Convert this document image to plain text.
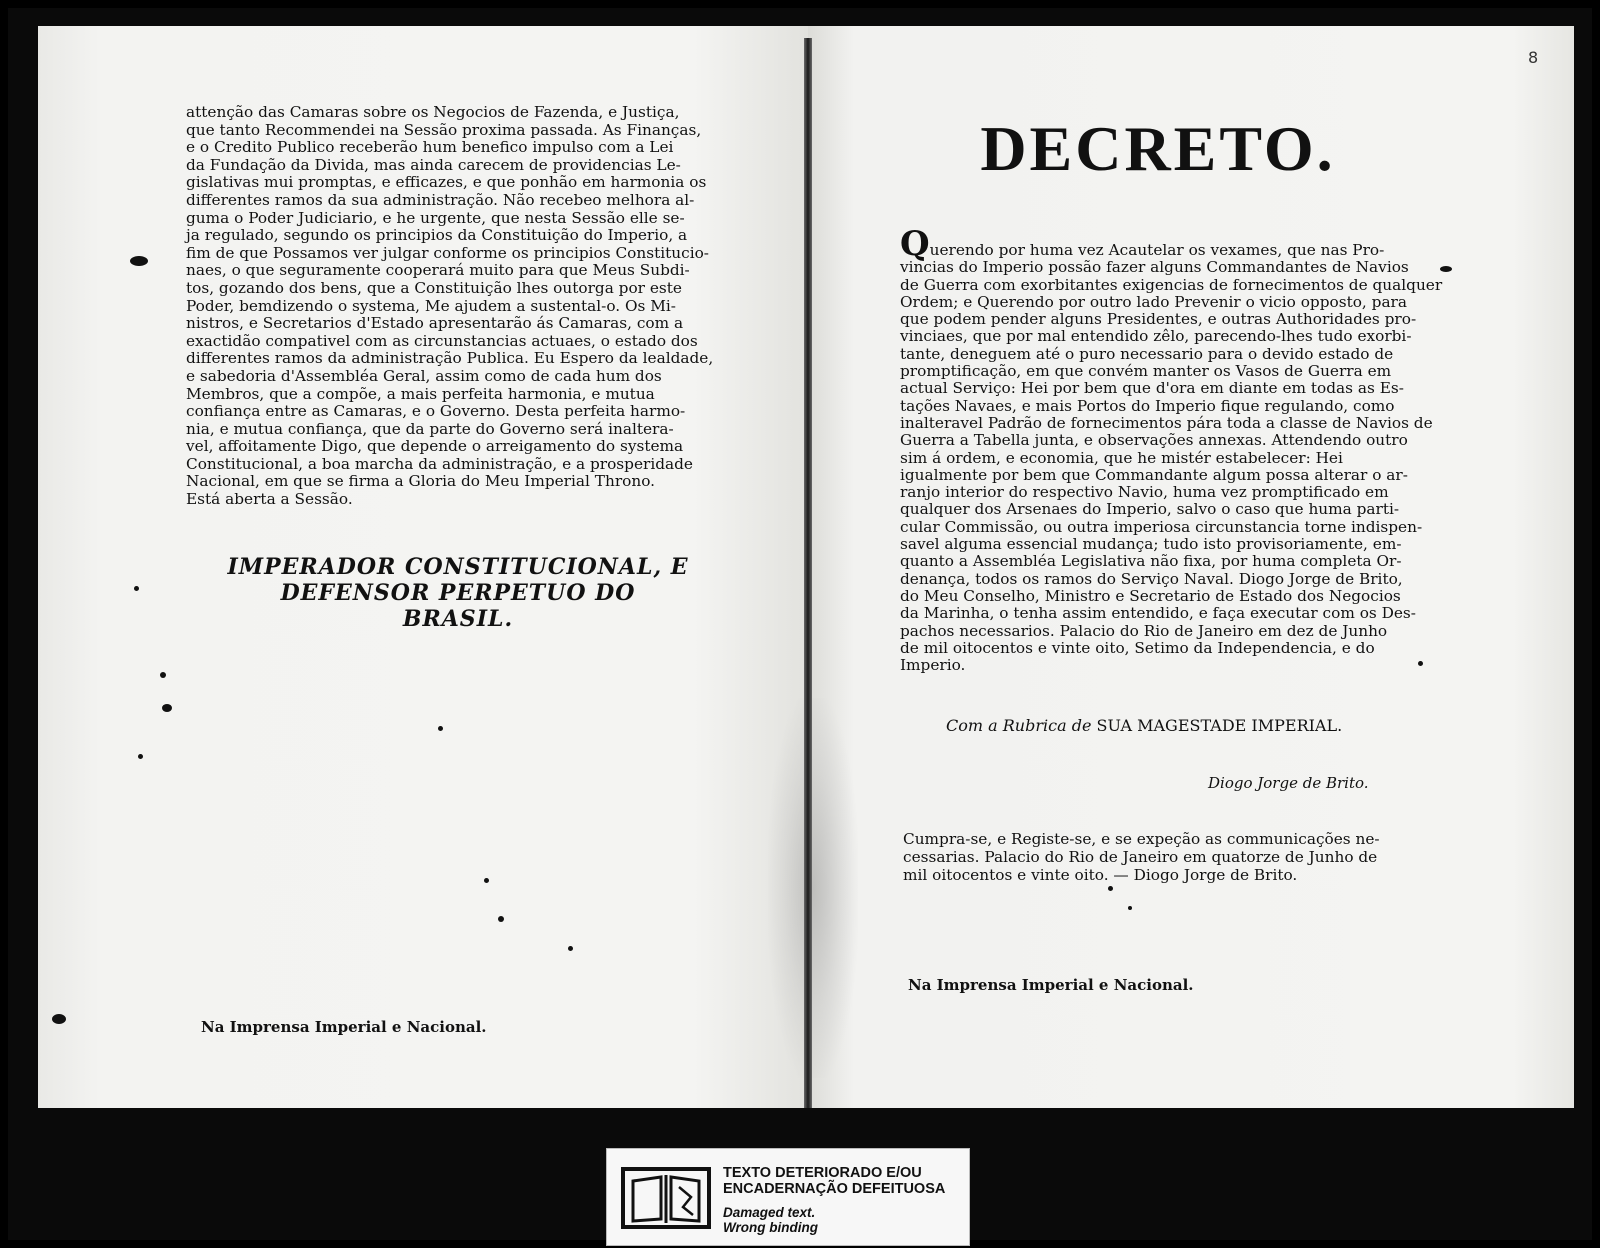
attenção das Camaras sobre os Negocios de Fazenda, e Justiça,
que tanto Recommendei na Sessão proxima passada. As Finanças,
e o Credito Publico receberão hum benefico impulso com a Lei
da Fundação da Divida, mas ainda carecem de providencias Le-
gislativas mui promptas, e efficazes, e que ponhão em harmonia os
differentes ramos da sua administração. Não recebeo melhora al-
guma o Poder Judiciario, e he urgente, que nesta Sessão elle se-
ja regulado, segundo os principios da Constituição do Imperio, a
fim de que Possamos ver julgar conforme os principios Constitucio-
naes, o que seguramente cooperará muito para que Meus Subdi-
tos, gozando dos bens, que a Constituição lhes outorga por este
Poder, bemdizendo o systema, Me ajudem a sustental-o. Os Mi-
nistros, e Secretarios d'Estado apresentarão ás Camaras, com a
exactidão compativel com as circunstancias actuaes, o estado dos
differentes ramos da administração Publica. Eu Espero da lealdade,
e sabedoria d'Assembléa Geral, assim como de cada hum dos
Membros, que a compõe, a mais perfeita harmonia, e mutua
confiança entre as Camaras, e o Governo. Desta perfeita harmo-
nia, e mutua confiança, que da parte do Governo será inaltera-
vel, affoitamente Digo, que depende o arreigamento do systema
Constitucional, a boa marcha da administração, e a prosperidade
Nacional, em que se firma a Gloria do Meu Imperial Throno.
Está aberta a Sessão.
IMPERADOR CONSTITUCIONAL, E
DEFENSOR PERPETUO DO
BRASIL.
Na Imprensa Imperial e Nacional.
8
DECRETO.
Querendo por huma vez Acautelar os vexames, que nas Pro-
vincias do Imperio possão fazer alguns Commandantes de Navios
de Guerra com exorbitantes exigencias de fornecimentos de qualquer
Ordem; e Querendo por outro lado Prevenir o vicio opposto, para
que podem pender alguns Presidentes, e outras Authoridades pro-
vinciaes, que por mal entendido zêlo, parecendo-lhes tudo exorbi-
tante, deneguem até o puro necessario para o devido estado de
promptificação, em que convém manter os Vasos de Guerra em
actual Serviço: Hei por bem que d'ora em diante em todas as Es-
tações Navaes, e mais Portos do Imperio fique regulando, como
inalteravel Padrão de fornecimentos pára toda a classe de Navios de
Guerra a Tabella junta, e observações annexas. Attendendo outro
sim á ordem, e economia, que he mistér estabelecer: Hei
igualmente por bem que Commandante algum possa alterar o ar-
ranjo interior do respectivo Navio, huma vez promptificado em
qualquer dos Arsenaes do Imperio, salvo o caso que huma parti-
cular Commissão, ou outra imperiosa circunstancia torne indispen-
savel alguma essencial mudança; tudo isto provisoriamente, em-
quanto a Assembléa Legislativa não fixa, por huma completa Or-
denança, todos os ramos do Serviço Naval. Diogo Jorge de Brito,
do Meu Conselho, Ministro e Secretario de Estado dos Negocios
da Marinha, o tenha assim entendido, e faça executar com os Des-
pachos necessarios. Palacio do Rio de Janeiro em dez de Junho
de mil oitocentos e vinte oito, Setimo da Independencia, e do
Imperio.
Com a Rubrica de SUA MAGESTADE IMPERIAL.
Diogo Jorge de Brito.
Cumpra-se, e Registe-se, e se expeção as communicações ne-
cessarias. Palacio do Rio de Janeiro em quatorze de Junho de
mil oitocentos e vinte oito. — Diogo Jorge de Brito.
Na Imprensa Imperial e Nacional.
TEXTO DETERIORADO E/OU
ENCADERNAÇÃO DEFEITUOSA
Damaged text.
Wrong binding
